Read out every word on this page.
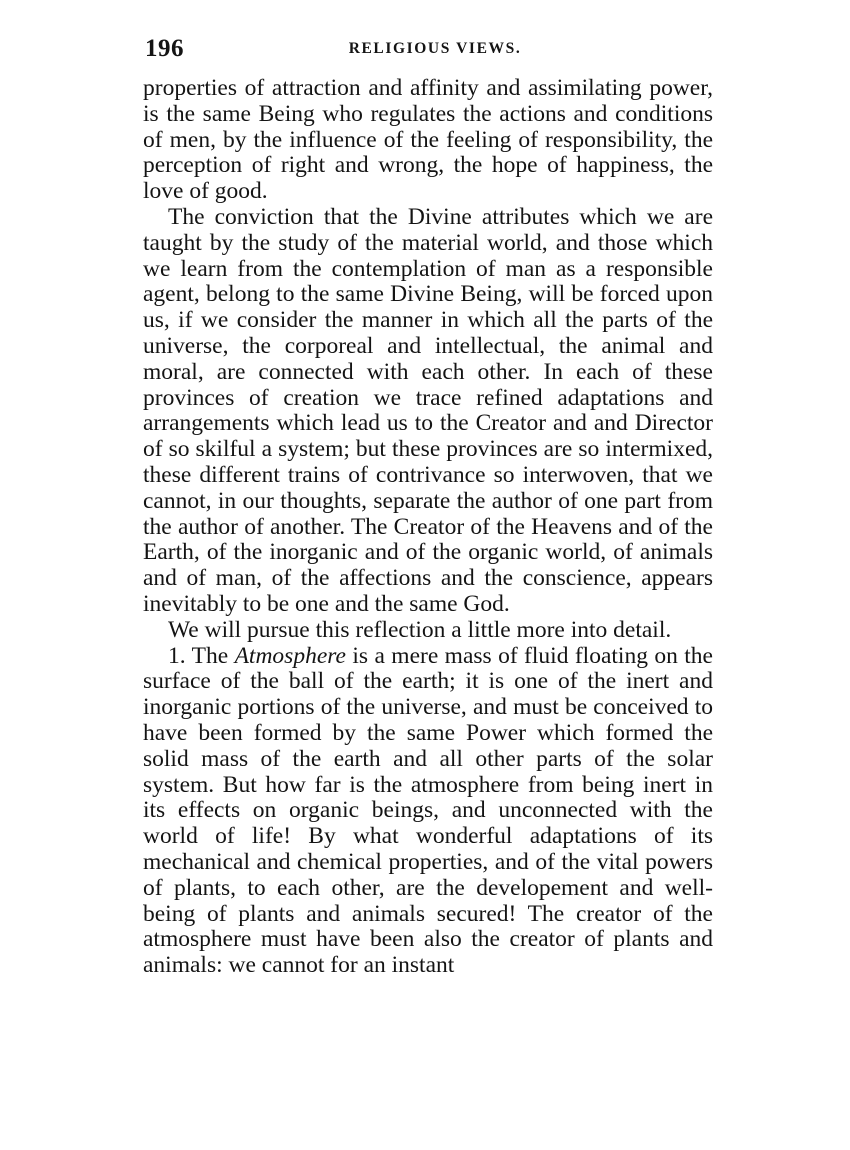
196	RELIGIOUS VIEWS.

properties of attraction and affinity and assimilating power, is the same Being who regulates the actions and conditions of men, by the influence of the feeling of responsibility, the perception of right and wrong, the hope of happiness, the love of good.

The conviction that the Divine attributes which we are taught by the study of the material world, and those which we learn from the contemplation of man as a responsible agent, belong to the same Divine Being, will be forced upon us, if we consider the manner in which all the parts of the universe, the corporeal and intellectual, the animal and moral, are connected with each other. In each of these provinces of creation we trace refined adaptations and arrangements which lead us to the Creator and and Director of so skilful a system; but these provinces are so intermixed, these different trains of contrivance so interwoven, that we cannot, in our thoughts, separate the author of one part from the author of another. The Creator of the Heavens and of the Earth, of the inorganic and of the organic world, of animals and of man, of the affections and the conscience, appears inevitably to be one and the same God.

We will pursue this reflection a little more into detail.

1. The Atmosphere is a mere mass of fluid floating on the surface of the ball of the earth; it is one of the inert and inorganic portions of the universe, and must be conceived to have been formed by the same Power which formed the solid mass of the earth and all other parts of the solar system. But how far is the atmosphere from being inert in its effects on organic beings, and unconnected with the world of life! By what wonderful adaptations of its mechanical and chemical properties, and of the vital powers of plants, to each other, are the developement and well-being of plants and animals secured! The creator of the atmosphere must have been also the creator of plants and animals: we cannot for an instant
